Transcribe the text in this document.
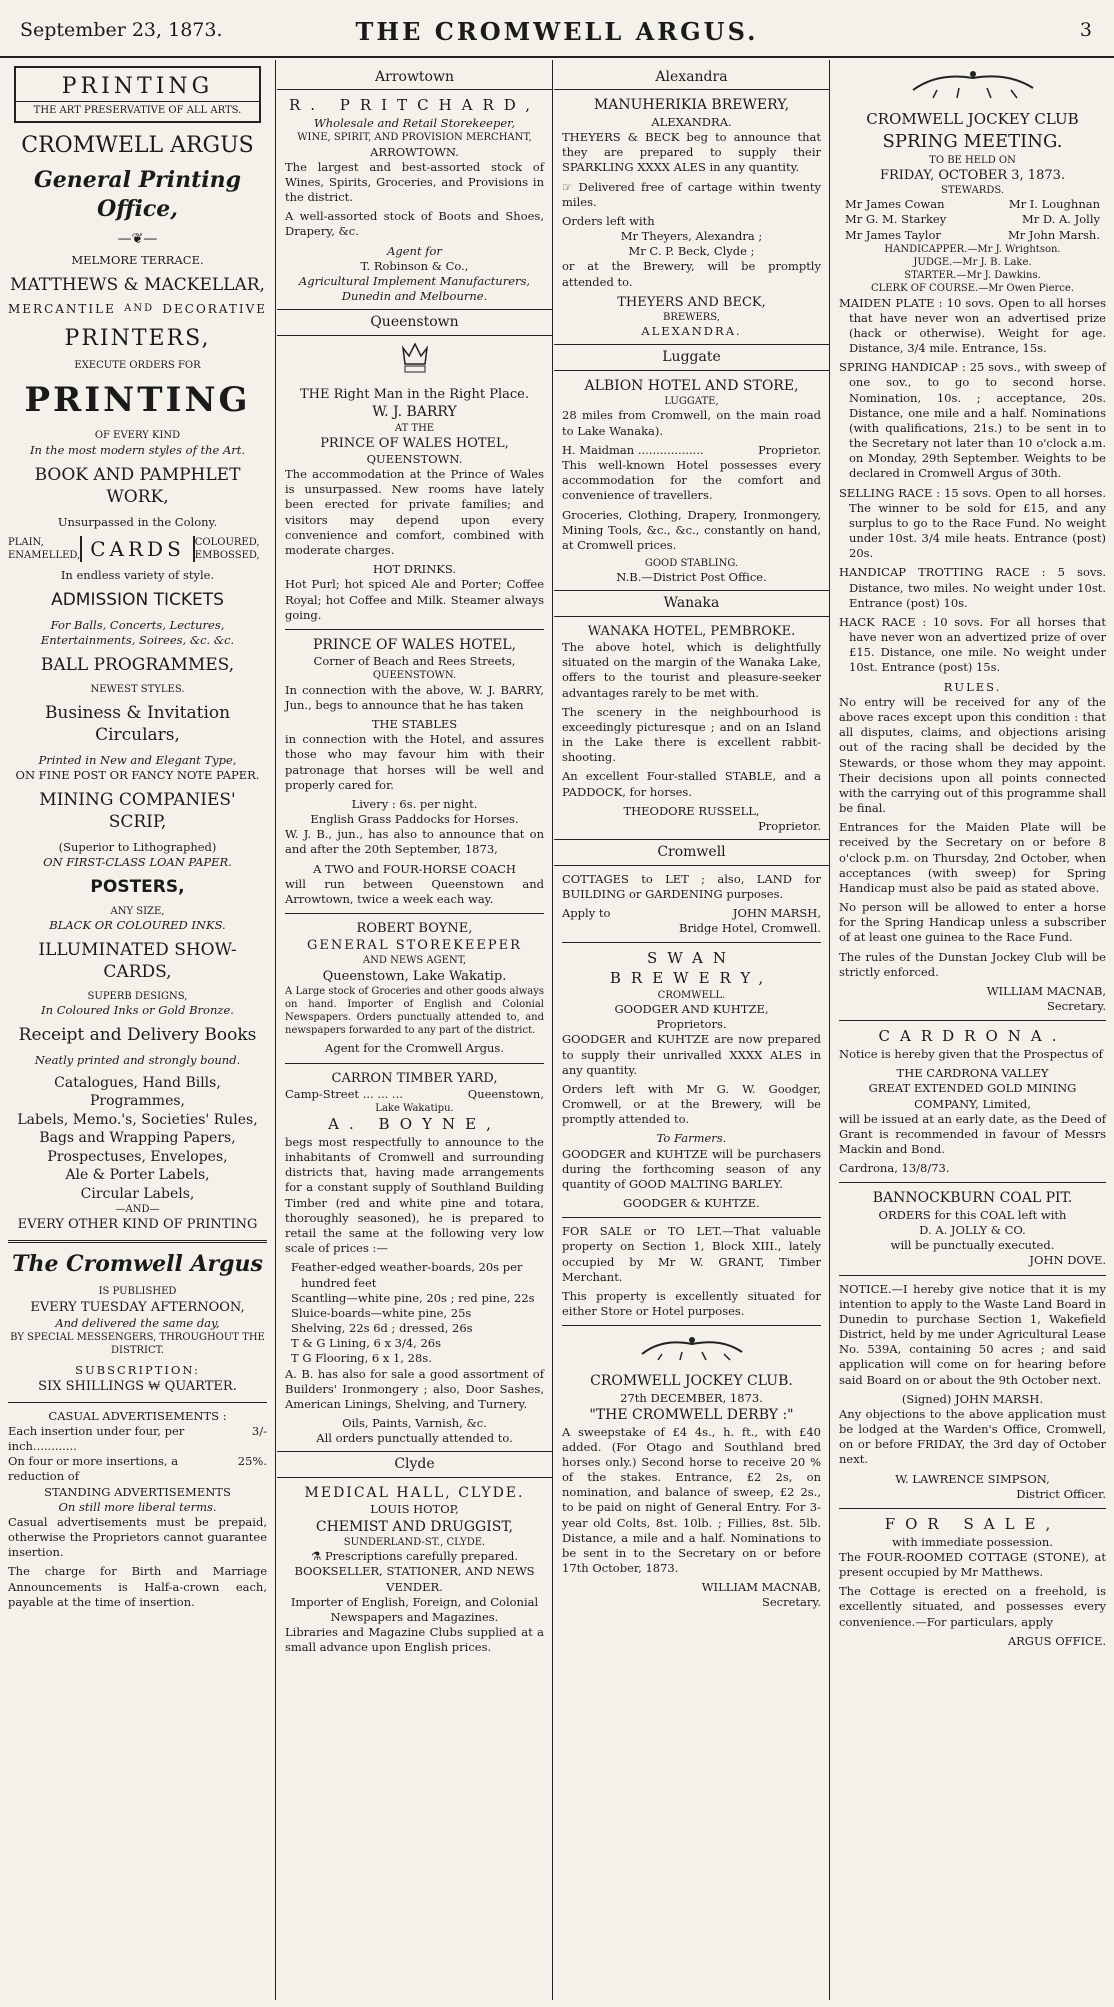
September 23, 1873.	THE CROMWELL ARGUS.	3
PRINTING
THE ART PRESERVATIVE OF ALL ARTS.
CROMWELL ARGUS
General Printing Office,
—❦—
MELMORE TERRACE.
MATTHEWS & MACKELLAR,
MERCANTILE AND DECORATIVE
PRINTERS,
EXECUTE ORDERS FOR
PRINTING
OF EVERY KIND
In the most modern styles of the Art.
BOOK AND PAMPHLET WORK,
Unsurpassed in the Colony.
PLAIN, ENAMELLED, CARDS	COLOURED, EMBOSSED,
In endless variety of style.
ADMISSION TICKETS
For Balls, Concerts, Lectures, Entertainments, Soirees, &c. &c.
BALL PROGRAMMES,
NEWEST STYLES.
Business & Invitation Circulars,
Printed in New and Elegant Type,
ON FINE POST OR FANCY NOTE PAPER.
MINING COMPANIES' SCRIP,
(Superior to Lithographed)
ON FIRST-CLASS LOAN PAPER.
POSTERS,
ANY SIZE,
BLACK OR COLOURED INKS.
ILLUMINATED SHOW-CARDS,
SUPERB DESIGNS,
In Coloured Inks or Gold Bronze.
Receipt and Delivery Books
Neatly printed and strongly bound.
Catalogues, Hand Bills, Programmes,
Labels, Memo.'s, Societies' Rules,
Bags and Wrapping Papers,
Prospectuses, Envelopes,
Ale & Porter Labels,
Circular Labels,
—AND—
EVERY OTHER KIND OF PRINTING
The Cromwell Argus
IS PUBLISHED
EVERY TUESDAY AFTERNOON,
And delivered the same day,
BY SPECIAL MESSENGERS, THROUGHOUT THE DISTRICT.
SUBSCRIPTION:
SIX SHILLINGS ₩ QUARTER.
CASUAL ADVERTISEMENTS :
Each insertion under four, per inch............
3/-
On four or more insertions, a reduction of
25%.
STANDING ADVERTISEMENTS
On still more liberal terms.

Casual advertisements must be prepaid, otherwise the Proprietors cannot guarantee insertion.

The charge for Birth and Marriage Announcements is Half-a-crown each, payable at the time of insertion.

Arrowtown
R. PRITCHARD,
Wholesale and Retail Storekeeper,
WINE, SPIRIT, AND PROVISION MERCHANT,
ARROWTOWN.

The largest and best-assorted stock of Wines, Spirits, Groceries, and Provisions in the district.

A well-assorted stock of Boots and Shoes, Drapery, &c.

Agent for
T. Robinson & Co.,
Agricultural Implement Manufacturers,
Dunedin and Melbourne.
Queenstown
THE Right Man in the Right Place.
W. J. BARRY
AT THE
PRINCE OF WALES HOTEL,
QUEENSTOWN.

The accommodation at the Prince of Wales is unsurpassed. New rooms have lately been erected for private families; and visitors may depend upon every convenience and comfort, combined with moderate charges.

HOT DRINKS.

Hot Purl; hot spiced Ale and Porter; Coffee Royal; hot Coffee and Milk. Steamer always going.

PRINCE OF WALES HOTEL,
Corner of Beach and Rees Streets,
QUEENSTOWN.

In connection with the above, W. J. BARRY, Jun., begs to announce that he has taken

THE STABLES

in connection with the Hotel, and assures those who may favour him with their patronage that horses will be well and properly cared for.

Livery : 6s. per night.
English Grass Paddocks for Horses.

W. J. B., jun., has also to announce that on and after the 20th September, 1873,

A TWO and FOUR-HORSE COACH

will run between Queenstown and Arrowtown, twice a week each way.

ROBERT BOYNE,
GENERAL STOREKEEPER
AND NEWS AGENT,
Queenstown, Lake Wakatip.

A Large stock of Groceries and other goods always on hand. Importer of English and Colonial Newspapers. Orders punctually attended to, and newspapers forwarded to any part of the district.

Agent for the Cromwell Argus.
CARRON TIMBER YARD,
Camp-Street ... ... ...	Queenstown,
Lake Wakatipu.
A. BOYNE,

begs most respectfully to announce to the inhabitants of Cromwell and surrounding districts that, having made arrangements for a constant supply of Southland Building Timber (red and white pine and totara, thoroughly seasoned), he is prepared to retail the same at the following very low scale of prices :—

Feather-edged weather-boards, 20s per hundred feet
Scantling—white pine, 20s ; red pine, 22s
Sluice-boards—white pine, 25s
Shelving, 22s 6d ; dressed, 26s
T & G Lining, 6 x 3/4, 26s
T G Flooring, 6 x 1, 28s.

A. B. has also for sale a good assortment of Builders' Ironmongery ; also, Door Sashes, American Linings, Shelving, and Turnery.

Oils, Paints, Varnish, &c.
All orders punctually attended to.
Clyde
MEDICAL HALL, CLYDE.
LOUIS HOTOP,
CHEMIST AND DRUGGIST,
SUNDERLAND-ST., CLYDE.
⚗ Prescriptions carefully prepared.
BOOKSELLER, STATIONER, AND NEWS VENDER.
Importer of English, Foreign, and Colonial Newspapers and Magazines.

Libraries and Magazine Clubs supplied at a small advance upon English prices.

Alexandra
MANUHERIKIA BREWERY,
ALEXANDRA.

THEYERS & BECK beg to announce that they are prepared to supply their SPARKLING XXXX ALES in any quantity.

☞ Delivered free of cartage within twenty miles.

Orders left with
Mr Theyers, Alexandra ;
Mr C. P. Beck, Clyde ;

or at the Brewery, will be promptly attended to.

THEYERS AND BECK,
BREWERS,
ALEXANDRA.
Luggate
ALBION HOTEL AND STORE,
LUGGATE,

28 miles from Cromwell, on the main road to Lake Wanaka).

H. Maidman ..................	Proprietor.

This well-known Hotel possesses every accommodation for the comfort and convenience of travellers.

Groceries, Clothing, Drapery, Ironmongery, Mining Tools, &c., &c., constantly on hand, at Cromwell prices.

GOOD STABLING.
N.B.—District Post Office.
Wanaka
WANAKA HOTEL, PEMBROKE.

The above hotel, which is delightfully situated on the margin of the Wanaka Lake, offers to the tourist and pleasure-seeker advantages rarely to be met with.

The scenery in the neighbourhood is exceedingly picturesque ; and on an Island in the Lake there is excellent rabbit-shooting.

An excellent Four-stalled STABLE, and a PADDOCK, for horses.

THEODORE RUSSELL,
Proprietor.
Cromwell

COTTAGES to LET ; also, LAND for BUILDING or GARDENING purposes.

Apply to	JOHN MARSH,
Bridge Hotel, Cromwell.
SWAN BREWERY,
CROMWELL.
GOODGER AND KUHTZE,
Proprietors.

GOODGER and KUHTZE are now prepared to supply their unrivalled XXXX ALES in any quantity.

Orders left with Mr G. W. Goodger, Cromwell, or at the Brewery, will be promptly attended to.

To Farmers.

GOODGER and KUHTZE will be purchasers during the forthcoming season of any quantity of GOOD MALTING BARLEY.

GOODGER & KUHTZE.

FOR SALE or TO LET.—That valuable property on Section 1, Block XIII., lately occupied by Mr W. GRANT, Timber Merchant.

This property is excellently situated for either Store or Hotel purposes.

CROMWELL JOCKEY CLUB.
27th DECEMBER, 1873.
"THE CROMWELL DERBY :"

A sweepstake of £4 4s., h. ft., with £40 added. (For Otago and Southland bred horses only.) Second horse to receive 20 % of the stakes. Entrance, £2 2s, on nomination, and balance of sweep, £2 2s., to be paid on night of General Entry. For 3-year old Colts, 8st. 10lb. ; Fillies, 8st. 5lb. Distance, a mile and a half. Nominations to be sent in to the Secretary on or before 17th October, 1873.

WILLIAM MACNAB,
Secretary.
CROMWELL JOCKEY CLUB
SPRING MEETING.
TO BE HELD ON
FRIDAY, OCTOBER 3, 1873.
STEWARDS.
Mr James Cowan	Mr I. Loughnan
Mr G. M. Starkey	Mr D. A. Jolly
Mr James Taylor	Mr John Marsh.
HANDICAPPER.—Mr J. Wrightson.
JUDGE.—Mr J. B. Lake.
STARTER.—Mr J. Dawkins.
CLERK OF COURSE.—Mr Owen Pierce.

MAIDEN PLATE : 10 sovs. Open to all horses that have never won an advertised prize (hack or otherwise). Weight for age. Distance, 3/4 mile. Entrance, 15s.

SPRING HANDICAP : 25 sovs., with sweep of one sov., to go to second horse. Nomination, 10s. ; acceptance, 20s. Distance, one mile and a half. Nominations (with qualifications, 21s.) to be sent in to the Secretary not later than 10 o'clock a.m. on Monday, 29th September. Weights to be declared in Cromwell Argus of 30th.

SELLING RACE : 15 sovs. Open to all horses. The winner to be sold for £15, and any surplus to go to the Race Fund. No weight under 10st. 3/4 mile heats. Entrance (post) 20s.

HANDICAP TROTTING RACE : 5 sovs. Distance, two miles. No weight under 10st. Entrance (post) 10s.

HACK RACE : 10 sovs. For all horses that have never won an advertized prize of over £15. Distance, one mile. No weight under 10st. Entrance (post) 15s.

RULES.

No entry will be received for any of the above races except upon this condition : that all disputes, claims, and objections arising out of the racing shall be decided by the Stewards, or those whom they may appoint. Their decisions upon all points connected with the carrying out of this programme shall be final.

Entrances for the Maiden Plate will be received by the Secretary on or before 8 o'clock p.m. on Thursday, 2nd October, when acceptances (with sweep) for Spring Handicap must also be paid as stated above.

No person will be allowed to enter a horse for the Spring Handicap unless a subscriber of at least one guinea to the Race Fund.

The rules of the Dunstan Jockey Club will be strictly enforced.

WILLIAM MACNAB,
Secretary.
CARDRONA.

Notice is hereby given that the Prospectus of

THE CARDRONA VALLEY
GREAT EXTENDED GOLD MINING COMPANY, Limited,

will be issued at an early date, as the Deed of Grant is recommended in favour of Messrs Mackin and Bond.

Cardrona, 13/8/73.
BANNOCKBURN COAL PIT.
ORDERS for this COAL left with
D. A. JOLLY & CO.
will be punctually executed.
JOHN DOVE.

NOTICE.—I hereby give notice that it is my intention to apply to the Waste Land Board in Dunedin to purchase Section 1, Wakefield District, held by me under Agricultural Lease No. 539A, containing 50 acres ; and said application will come on for hearing before said Board on or about the 9th October next.

(Signed) JOHN MARSH.

Any objections to the above application must be lodged at the Warden's Office, Cromwell, on or before FRIDAY, the 3rd day of October next.

W. LAWRENCE SIMPSON,
District Officer.
FOR SALE,
with immediate possession.

The FOUR-ROOMED COTTAGE (STONE), at present occupied by Mr Matthews.

The Cottage is erected on a freehold, is excellently situated, and possesses every convenience.—For particulars, apply

ARGUS OFFICE.
